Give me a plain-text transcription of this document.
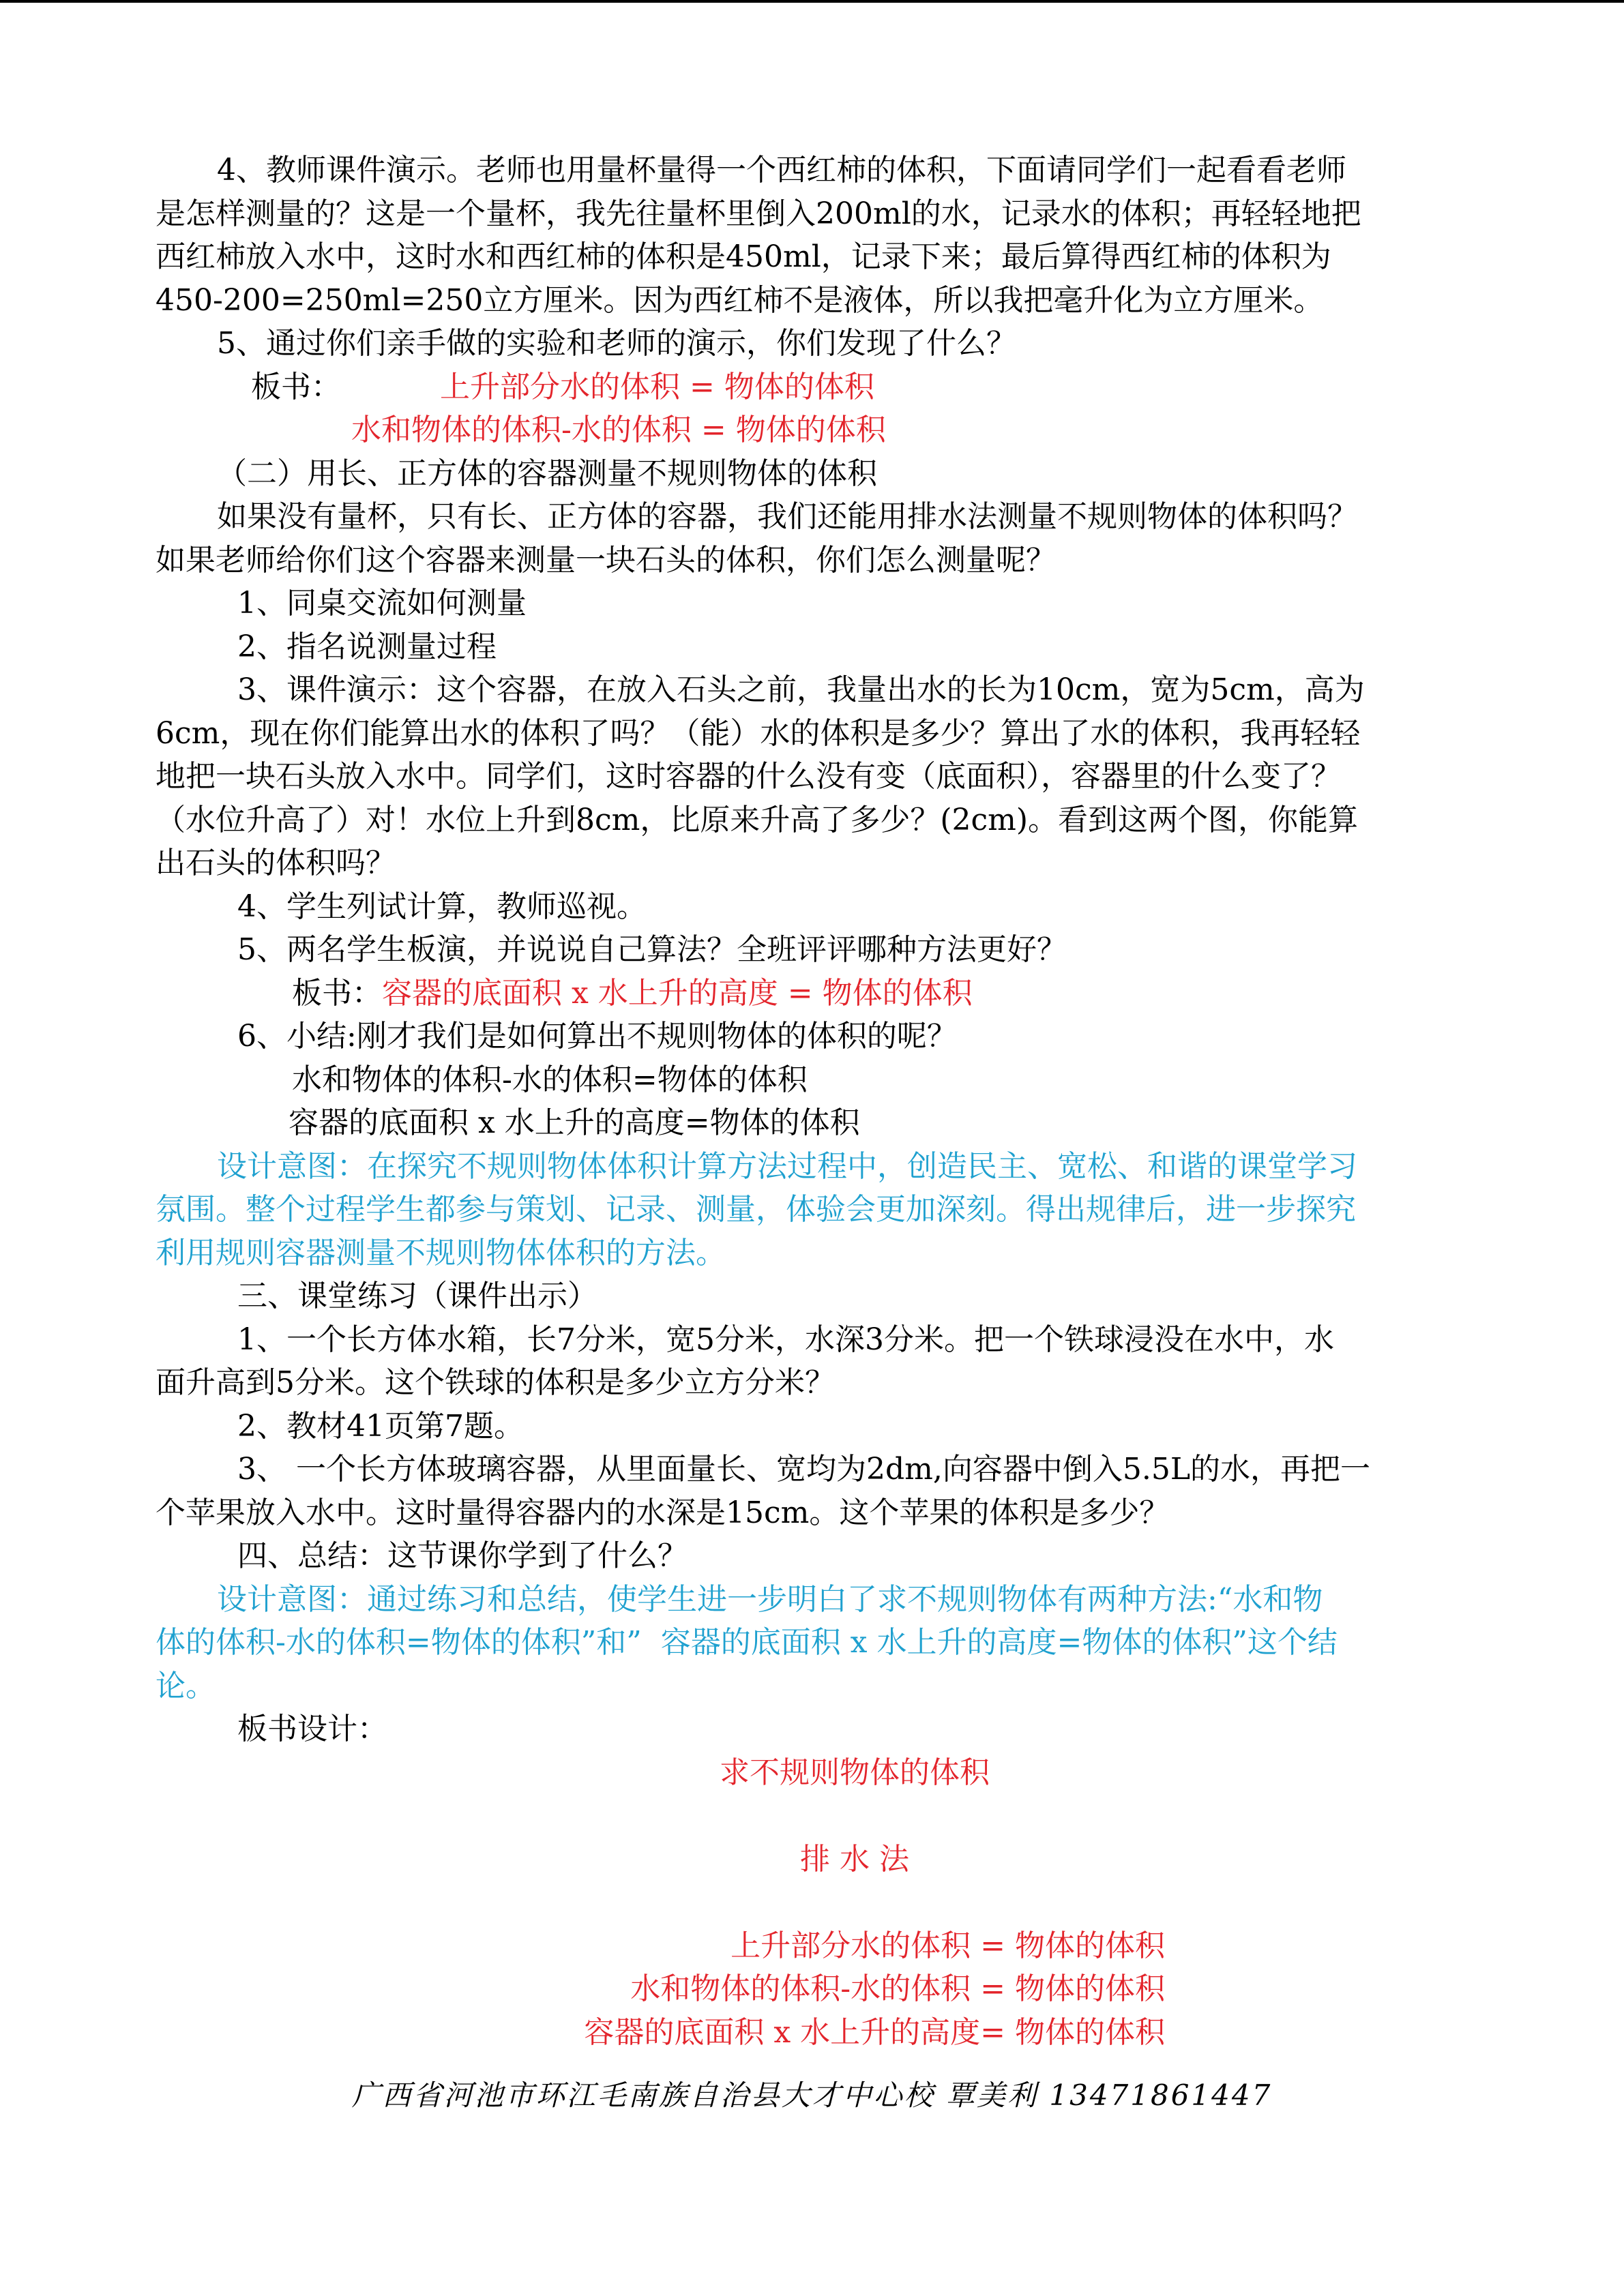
4、教师课件演示。老师也用量杯量得一个西红柿的体积，下面请同学们一起看看老师
是怎样测量的？这是一个量杯，我先往量杯里倒入200ml的水，记录水的体积；再轻轻地把
西红柿放入水中，这时水和西红柿的体积是450ml，记录下来；最后算得西红柿的体积为
450-200=250ml=250立方厘米。因为西红柿不是液体，所以我把毫升化为立方厘米。
5、通过你们亲手做的实验和老师的演示，你们发现了什么？
板书：	上升部分水的体积 = 物体的体积
水和物体的体积-水的体积 = 物体的体积
（二）用长、正方体的容器测量不规则物体的体积
如果没有量杯，只有长、正方体的容器，我们还能用排水法测量不规则物体的体积吗？
如果老师给你们这个容器来测量一块石头的体积，你们怎么测量呢？
1、同桌交流如何测量
2、指名说测量过程
3、课件演示：这个容器，在放入石头之前，我量出水的长为10cm，宽为5cm，高为
6cm，现在你们能算出水的体积了吗？（能）水的体积是多少？算出了水的体积，我再轻轻
地把一块石头放入水中。同学们，这时容器的什么没有变（底面积），容器里的什么变了？
（水位升高了）对！水位上升到8cm，比原来升高了多少？(2cm)。看到这两个图，你能算
出石头的体积吗？
4、学生列试计算，教师巡视。
5、两名学生板演，并说说自己算法？全班评评哪种方法更好？
板书：容器的底面积 x 水上升的高度 = 物体的体积
6、小结:刚才我们是如何算出不规则物体的体积的呢？
水和物体的体积-水的体积=物体的体积
容器的底面积 x 水上升的高度=物体的体积
设计意图：在探究不规则物体体积计算方法过程中，创造民主、宽松、和谐的课堂学习
氛围。整个过程学生都参与策划、记录、测量，体验会更加深刻。得出规律后，进一步探究
利用规则容器测量不规则物体体积的方法。
三、课堂练习（课件出示）
1、一个长方体水箱，长7分米，宽5分米，水深3分米。把一个铁球浸没在水中，水
面升高到5分米。这个铁球的体积是多少立方分米？
2、教材41页第7题。
3、 一个长方体玻璃容器，从里面量长、宽均为2dm,向容器中倒入5.5L的水，再把一
个苹果放入水中。这时量得容器内的水深是15cm。这个苹果的体积是多少？
四、总结：这节课你学到了什么？
设计意图：通过练习和总结，使学生进一步明白了求不规则物体有两种方法:“水和物
体的体积-水的体积=物体的体积”和”  容器的底面积 x 水上升的高度=物体的体积”这个结
论。
板书设计：
求不规则物体的体积
排 水 法
上升部分水的体积 = 物体的体积
水和物体的体积-水的体积 = 物体的体积
容器的底面积 x 水上升的高度= 物体的体积
广西省河池市环江毛南族自治县大才中心校 覃美利 13471861447
